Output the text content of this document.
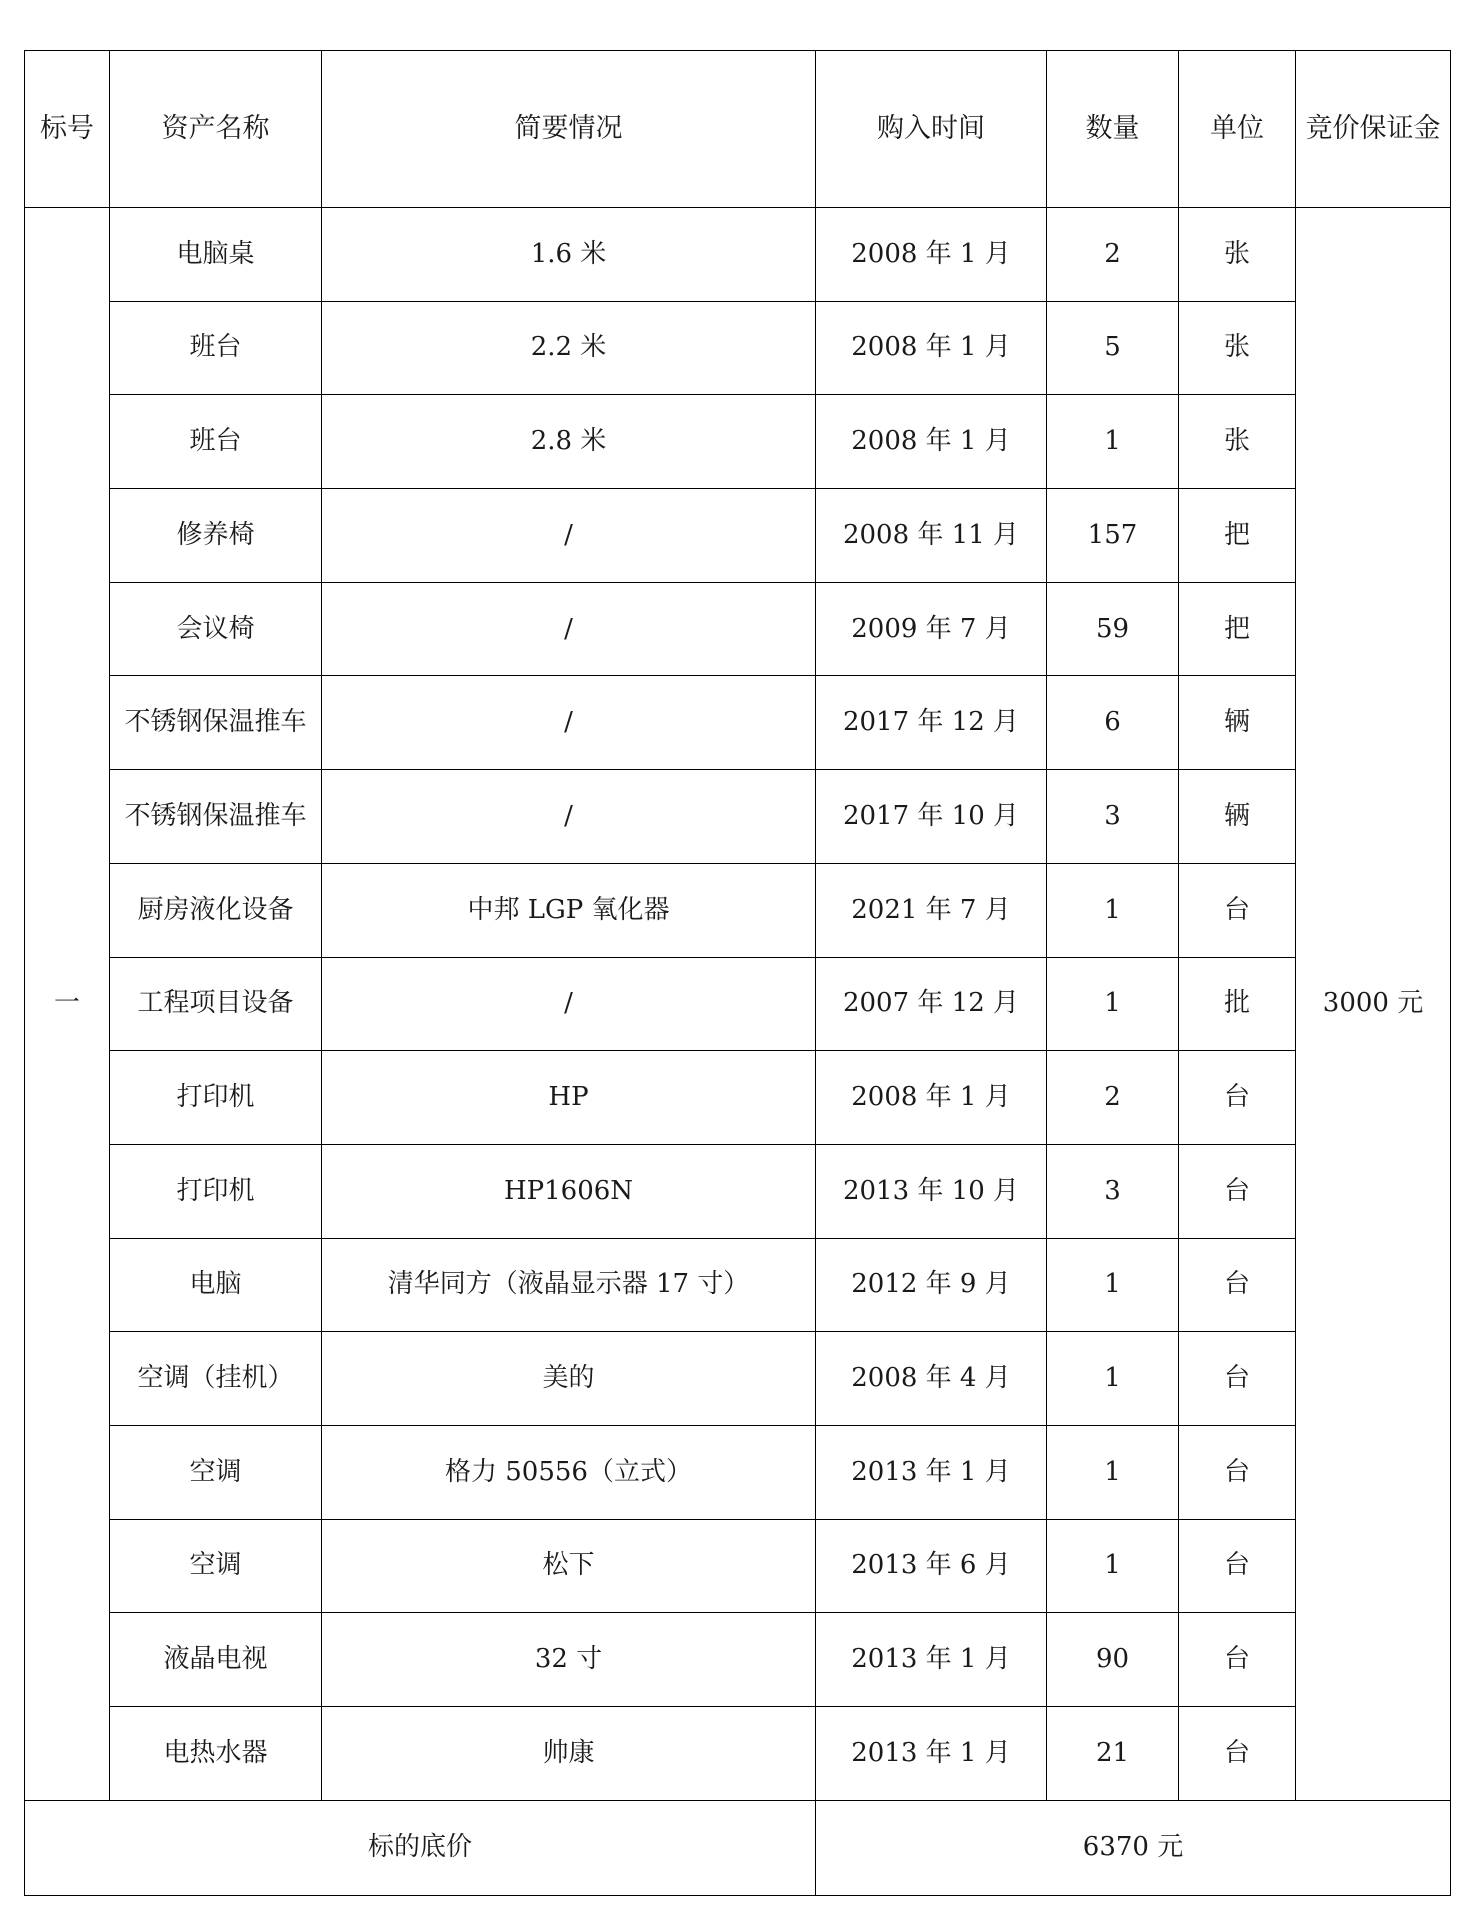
标号	资产名称	简要情况	购入时间	数量	单位	竞价保证金
一	电脑桌	1.6 米	2008 年 1 月	2	张	3000 元
	班台	2.2 米	2008 年 1 月	5	张	
	班台	2.8 米	2008 年 1 月	1	张	
	修养椅	/	2008 年 11 月	157	把	
	会议椅	/	2009 年 7 月	59	把	
	不锈钢保温推车	/	2017 年 12 月	6	辆	
	不锈钢保温推车	/	2017 年 10 月	3	辆	
	厨房液化设备	中邦 LGP 氧化器	2021 年 7 月	1	台	
	工程项目设备	/	2007 年 12 月	1	批	
	打印机	HP	2008 年 1 月	2	台	
	打印机	HP1606N	2013 年 10 月	3	台	
	电脑	清华同方（液晶显示器 17 寸）	2012 年 9 月	1	台	
	空调（挂机）	美的	2008 年 4 月	1	台	
	空调	格力 50556（立式）	2013 年 1 月	1	台	
	空调	松下	2013 年 6 月	1	台	
	液晶电视	32 寸	2013 年 1 月	90	台	
	电热水器	帅康	2013 年 1 月	21	台	
标的底价			6370 元			
